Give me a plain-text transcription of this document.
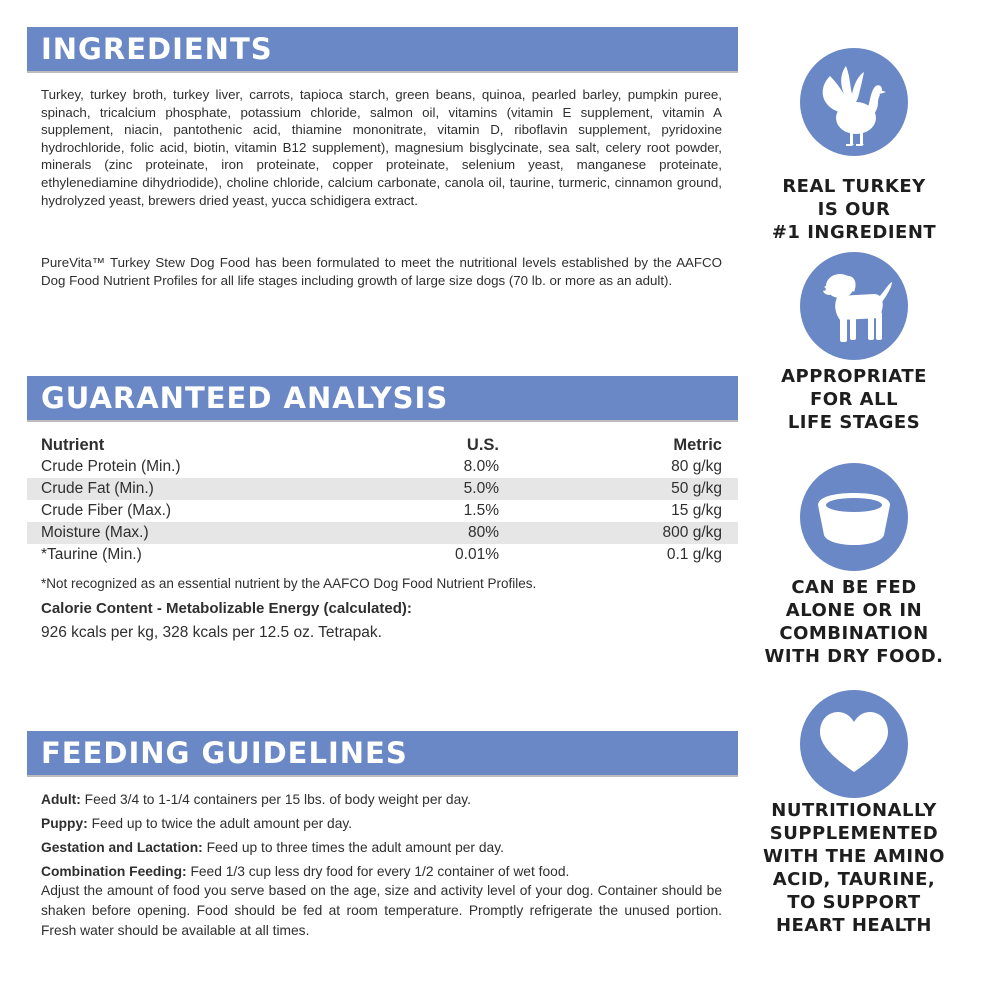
INGREDIENTS

Turkey, turkey broth, turkey liver, carrots, tapioca starch, green beans, quinoa, pearled barley, pumpkin puree, spinach, tricalcium phosphate, potassium chloride, salmon oil, vitamins (vitamin E supplement, vitamin A supplement, niacin, pantothenic acid, thiamine mononitrate, vitamin D, riboflavin supplement, pyridoxine hydrochloride, folic acid, biotin, vitamin B12 supplement), magnesium bisglycinate, sea salt, celery root powder, minerals (zinc proteinate, iron proteinate, copper proteinate, selenium yeast, manganese proteinate, ethylenediamine dihydriodide), choline chloride, calcium carbonate, canola oil, taurine, turmeric, cinnamon ground, hydrolyzed yeast, brewers dried yeast, yucca schidigera extract.

PureVita™ Turkey Stew Dog Food has been formulated to meet the nutritional levels established by the AAFCO Dog Food Nutrient Profiles for all life stages including growth of large size dogs (70 lb. or more as an adult).

GUARANTEED ANALYSIS
Nutrient	U.S.	Metric
Crude Protein (Min.)	8.0%	80 g/kg
Crude Fat (Min.)	5.0%	50 g/kg
Crude Fiber (Max.)	1.5%	15 g/kg
Moisture (Max.)	80%	800 g/kg
*Taurine (Min.)	0.01%	0.1 g/kg
*Not recognized as an essential nutrient by the AAFCO Dog Food Nutrient Profiles.
Calorie Content - Metabolizable Energy (calculated):
926 kcals per kg, 328 kcals per 12.5 oz. Tetrapak.
FEEDING GUIDELINES

Adult: Feed 3/4 to 1-1/4 containers per 15 lbs. of body weight per day.

Puppy: Feed up to twice the adult amount per day.

Gestation and Lactation: Feed up to three times the adult amount per day.

Combination Feeding: Feed 1/3 cup less dry food for every 1/2 container of wet food.

Adjust the amount of food you serve based on the age, size and activity level of your dog. Container should be shaken before opening. Food should be fed at room temperature. Promptly refrigerate the unused portion. Fresh water should be available at all times.

REAL TURKEY
IS OUR
#1 INGREDIENT
APPROPRIATE
FOR ALL
LIFE STAGES
CAN BE FED
ALONE OR IN
COMBINATION
WITH DRY FOOD.
NUTRITIONALLY
SUPPLEMENTED
WITH THE AMINO
ACID, TAURINE,
TO SUPPORT
HEART HEALTH
